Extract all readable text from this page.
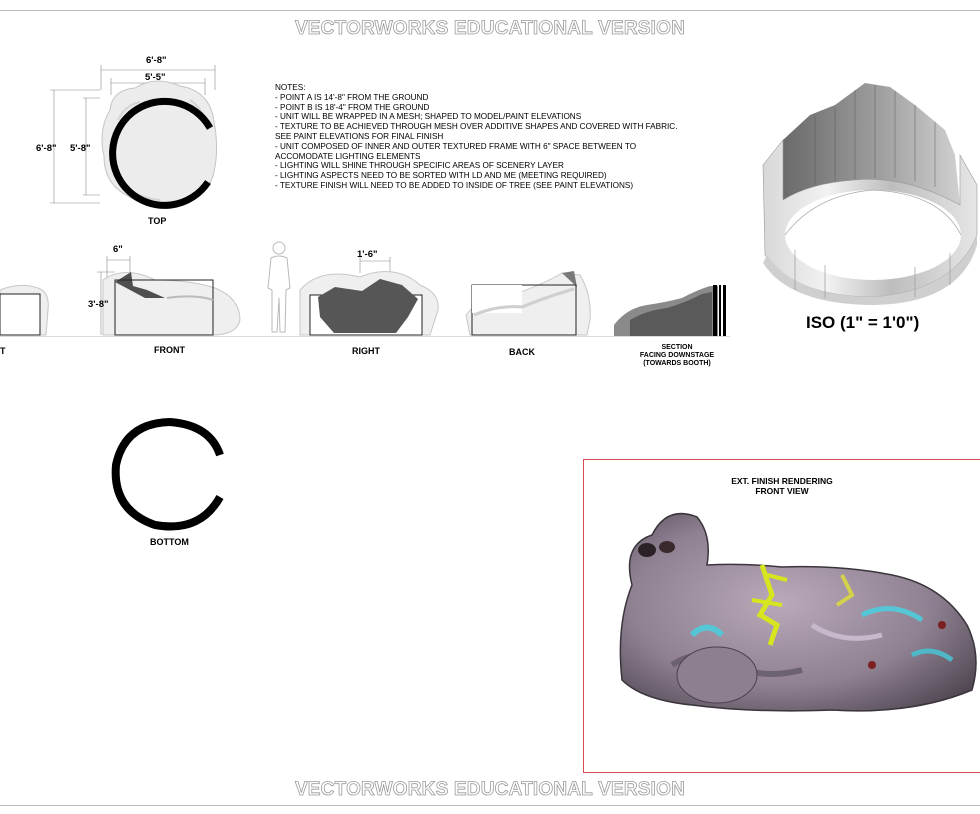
VECTORWORKS EDUCATIONAL VERSION
VECTORWORKS EDUCATIONAL VERSION
6'-8"
5'-5"
6'-8" 5'-8"
TOP
NOTES:
- POINT A IS 14'-8" FROM THE GROUND
- POINT B IS 18'-4" FROM THE GROUND
- UNIT WILL BE WRAPPED IN A MESH; SHAPED TO MODEL/PAINT ELEVATIONS
- TEXTURE TO BE ACHIEVED THROUGH MESH OVER ADDITIVE SHAPES AND COVERED WITH FABRIC.
SEE PAINT ELEVATIONS FOR FINAL FINISH
- UNIT COMPOSED OF INNER AND OUTER TEXTURED FRAME WITH 6" SPACE BETWEEN TO
ACCOMODATE LIGHTING ELEMENTS
- LIGHTING WILL SHINE THROUGH SPECIFIC AREAS OF SCENERY LAYER
- LIGHTING ASPECTS NEED TO BE SORTED WITH LD AND ME (MEETING REQUIRED)
- TEXTURE FINISH WILL NEED TO BE ADDED TO INSIDE OF TREE (SEE PAINT ELEVATIONS)
ISO (1" = 1'0")
T
6"
3'-8"
FRONT
1'-6"
RIGHT	BACK	SECTION
FACING DOWNSTAGE
(TOWARDS BOOTH)
BOTTOM
EXT. FINISH RENDERING
FRONT VIEW
